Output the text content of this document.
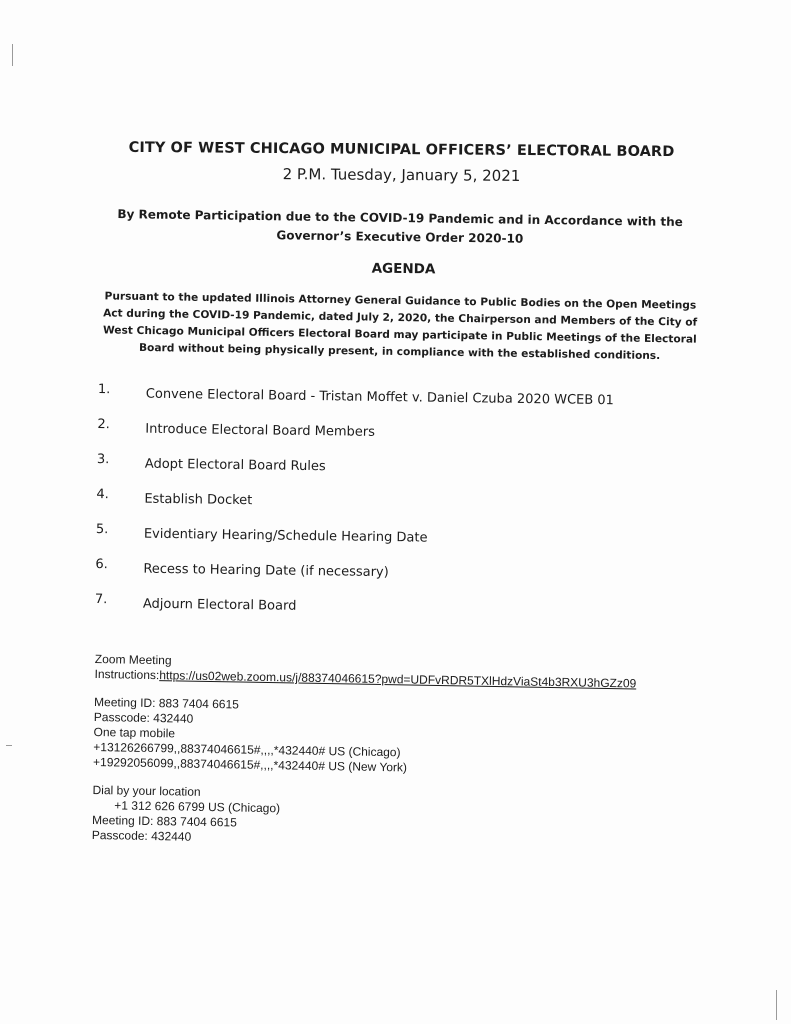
CITY OF WEST CHICAGO MUNICIPAL OFFICERS’ ELECTORAL BOARD
2 P.M. Tuesday, January 5, 2021
By Remote Participation due to the COVID-19 Pandemic and in Accordance with the
Governor’s Executive Order 2020-10
AGENDA
Pursuant to the updated Illinois Attorney General Guidance to Public Bodies on the Open Meetings
Act during the COVID-19 Pandemic, dated July 2, 2020, the Chairperson and Members of the City of
West Chicago Municipal Officers Electoral Board may participate in Public Meetings of the Electoral
Board without being physically present, in compliance with the established conditions.
1.	Convene Electoral Board - Tristan Moffet v. Daniel Czuba 2020 WCEB 01
2.	Introduce Electoral Board Members
3.	Adopt Electoral Board Rules
4.	Establish Docket
5.	Evidentiary Hearing/Schedule Hearing Date
6.	Recess to Hearing Date (if necessary)
7.	Adjourn Electoral Board
Zoom Meeting
Instructions:https://us02web.zoom.us/j/88374046615?pwd=UDFvRDR5TXlHdzViaSt4b3RXU3hGZz09
Meeting ID: 883 7404 6615
Passcode: 432440
One tap mobile
+13126266799,,88374046615#,,,,*432440# US (Chicago)
+19292056099,,88374046615#,,,,*432440# US (New York)
Dial by your location
+1 312 626 6799 US (Chicago)
Meeting ID: 883 7404 6615
Passcode: 432440
